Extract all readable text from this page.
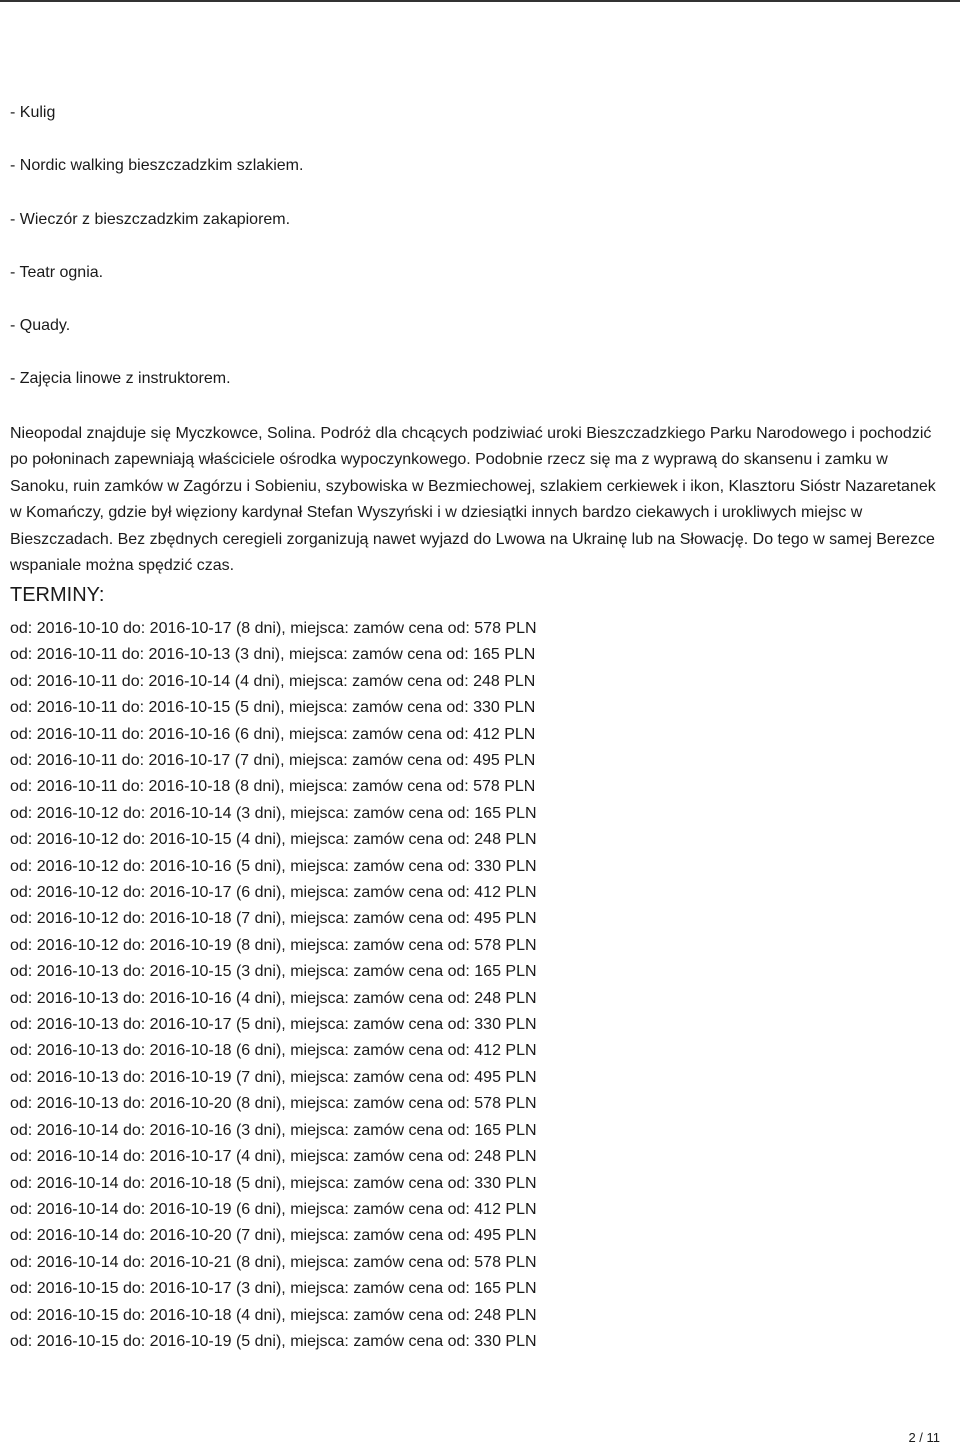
- Kulig
- Nordic walking bieszczadzkim szlakiem.
- Wieczór z bieszczadzkim zakapiorem.
- Teatr ognia.
- Quady.
- Zajęcia linowe z instruktorem.

Nieopodal znajduje się Myczkowce, Solina. Podróż dla chcących podziwiać uroki Bieszczadzkiego Parku Narodowego i pochodzić po połoninach zapewniają właściciele ośrodka wypoczynkowego. Podobnie rzecz się ma z wyprawą do skansenu i zamku w Sanoku, ruin zamków w Zagórzu i Sobieniu, szybowiska w Bezmiechowej, szlakiem cerkiewek i ikon, Klasztoru Sióstr Nazaretanek w Komańczy, gdzie był więziony kardynał Stefan Wyszyński i w dziesiątki innych bardzo ciekawych i urokliwych miejsc w Bieszczadach. Bez zbędnych ceregieli zorganizują nawet wyjazd do Lwowa na Ukrainę lub na Słowację. Do tego w samej Berezce wspaniale można spędzić czas.

TERMINY:
od: 2016-10-10 do: 2016-10-17 (8 dni), miejsca: zamów cena od: 578 PLN
od: 2016-10-11 do: 2016-10-13 (3 dni), miejsca: zamów cena od: 165 PLN
od: 2016-10-11 do: 2016-10-14 (4 dni), miejsca: zamów cena od: 248 PLN
od: 2016-10-11 do: 2016-10-15 (5 dni), miejsca: zamów cena od: 330 PLN
od: 2016-10-11 do: 2016-10-16 (6 dni), miejsca: zamów cena od: 412 PLN
od: 2016-10-11 do: 2016-10-17 (7 dni), miejsca: zamów cena od: 495 PLN
od: 2016-10-11 do: 2016-10-18 (8 dni), miejsca: zamów cena od: 578 PLN
od: 2016-10-12 do: 2016-10-14 (3 dni), miejsca: zamów cena od: 165 PLN
od: 2016-10-12 do: 2016-10-15 (4 dni), miejsca: zamów cena od: 248 PLN
od: 2016-10-12 do: 2016-10-16 (5 dni), miejsca: zamów cena od: 330 PLN
od: 2016-10-12 do: 2016-10-17 (6 dni), miejsca: zamów cena od: 412 PLN
od: 2016-10-12 do: 2016-10-18 (7 dni), miejsca: zamów cena od: 495 PLN
od: 2016-10-12 do: 2016-10-19 (8 dni), miejsca: zamów cena od: 578 PLN
od: 2016-10-13 do: 2016-10-15 (3 dni), miejsca: zamów cena od: 165 PLN
od: 2016-10-13 do: 2016-10-16 (4 dni), miejsca: zamów cena od: 248 PLN
od: 2016-10-13 do: 2016-10-17 (5 dni), miejsca: zamów cena od: 330 PLN
od: 2016-10-13 do: 2016-10-18 (6 dni), miejsca: zamów cena od: 412 PLN
od: 2016-10-13 do: 2016-10-19 (7 dni), miejsca: zamów cena od: 495 PLN
od: 2016-10-13 do: 2016-10-20 (8 dni), miejsca: zamów cena od: 578 PLN
od: 2016-10-14 do: 2016-10-16 (3 dni), miejsca: zamów cena od: 165 PLN
od: 2016-10-14 do: 2016-10-17 (4 dni), miejsca: zamów cena od: 248 PLN
od: 2016-10-14 do: 2016-10-18 (5 dni), miejsca: zamów cena od: 330 PLN
od: 2016-10-14 do: 2016-10-19 (6 dni), miejsca: zamów cena od: 412 PLN
od: 2016-10-14 do: 2016-10-20 (7 dni), miejsca: zamów cena od: 495 PLN
od: 2016-10-14 do: 2016-10-21 (8 dni), miejsca: zamów cena od: 578 PLN
od: 2016-10-15 do: 2016-10-17 (3 dni), miejsca: zamów cena od: 165 PLN
od: 2016-10-15 do: 2016-10-18 (4 dni), miejsca: zamów cena od: 248 PLN
od: 2016-10-15 do: 2016-10-19 (5 dni), miejsca: zamów cena od: 330 PLN
2 / 11
